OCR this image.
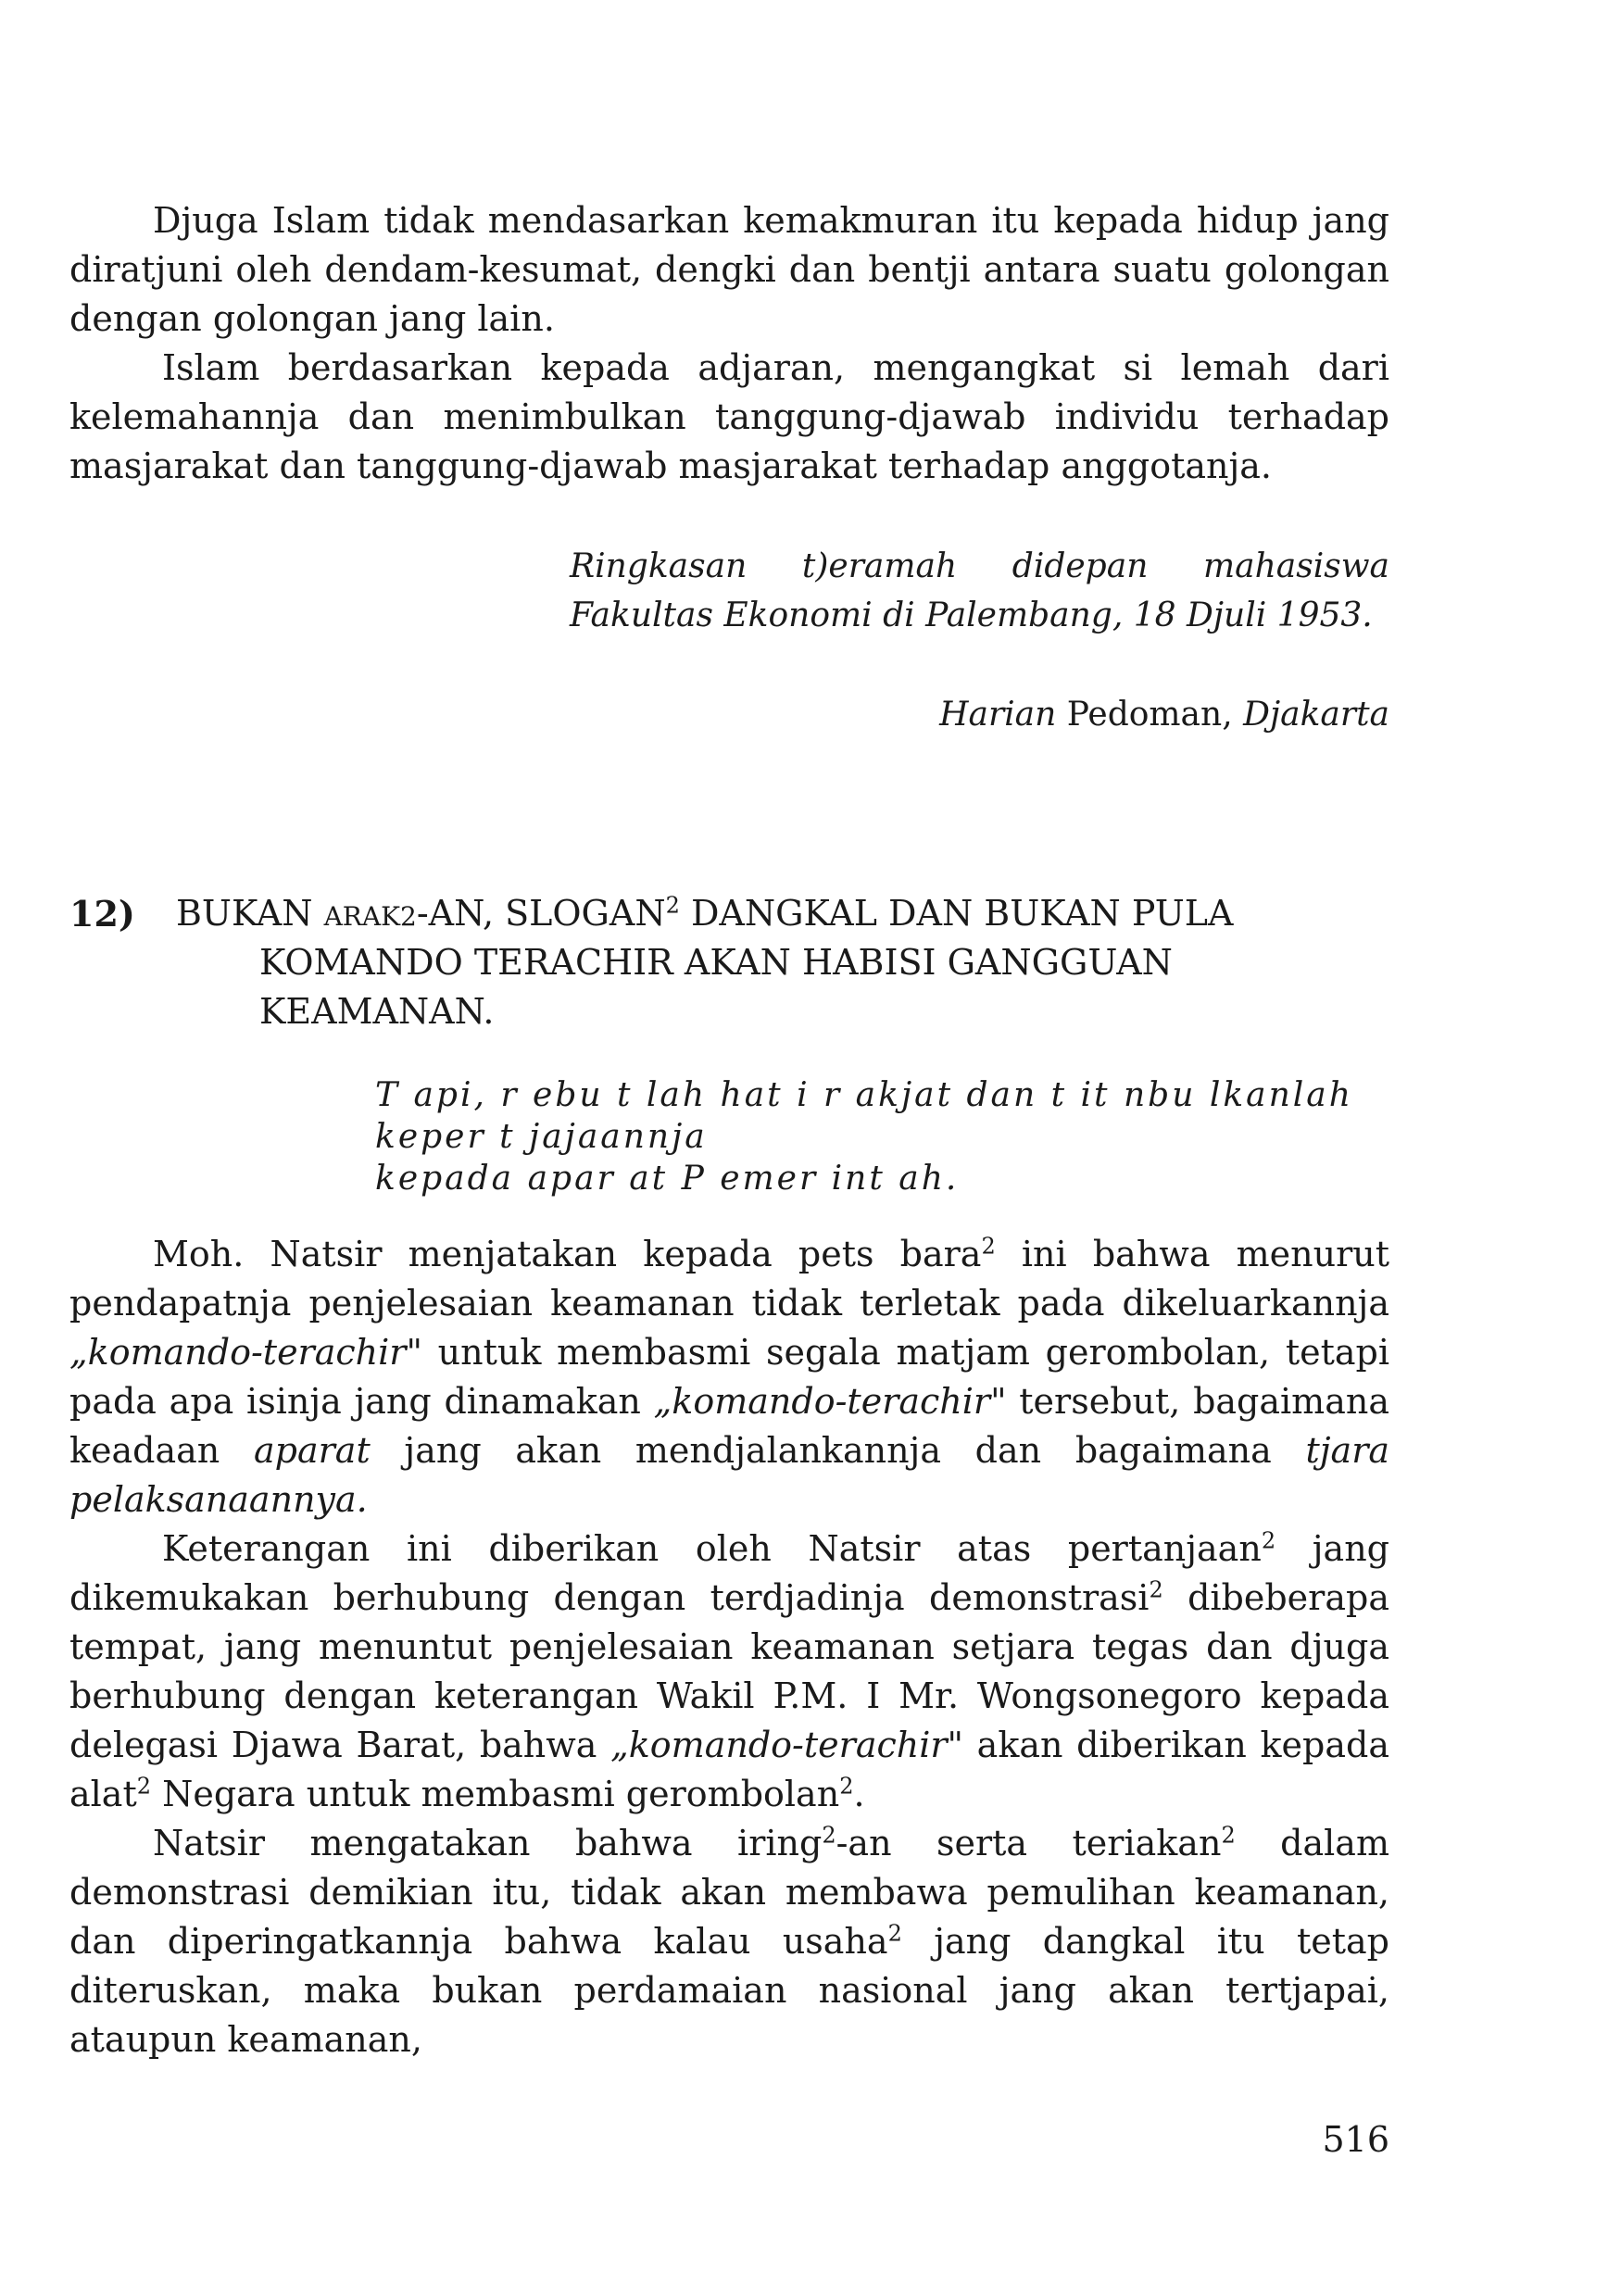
Djuga Islam tidak mendasarkan kemakmuran itu kepada hidup jang diratjuni oleh dendam-kesumat, dengki dan bentji antara suatu golongan dengan golongan jang lain.

Islam berdasarkan kepada adjaran, mengangkat si lemah dari kelemahannja dan menimbulkan tanggung-djawab individu terhadap masjarakat dan tanggung-djawab masjarakat terhadap anggotanja.

Ringkasan t)eramah didepan mahasiswa Fakultas Ekonomi di Palembang, 18 Djuli 1953.
Harian Pedoman, Djakarta
12) BUKAN ARAK2-AN, SLOGAN$^2$ DANGKAL DAN BUKAN PULA
KOMANDO TERACHIR AKAN HABISI GANGGUAN
KEAMANAN.
T api, r ebu t lah hat i r akjat dan t it nbu lkanlah
keper t jajaannja
kepada apar at P emer int ah.

Moh. Natsir menjatakan kepada pets bara$^2$ ini bahwa menurut pendapatnja penjelesaian keamanan tidak terletak pada dikeluarkannja „komando-terachir" untuk membasmi segala matjam gerombolan, tetapi pada apa isinja jang dinamakan „komando-terachir" tersebut, bagaimana keadaan aparat jang akan mendjalankannja dan bagaimana tjara pelaksanaannya.

Keterangan ini diberikan oleh Natsir atas pertanjaan$^2$ jang dikemukakan berhubung dengan terdjadinja demonstrasi$^2$ dibeberapa tempat, jang menuntut penjelesaian keamanan setjara tegas dan djuga berhubung dengan keterangan Wakil P.M. I Mr. Wongsonegoro kepada delegasi Djawa Barat, bahwa „komando-terachir" akan diberikan kepada alat$^2$ Negara untuk membasmi gerombolan$^2$.

Natsir mengatakan bahwa iring$^2$-an serta teriakan$^2$ dalam demonstrasi demikian itu, tidak akan membawa pemulihan keamanan, dan diperingatkannja bahwa kalau usaha$^2$ jang dangkal itu tetap diteruskan, maka bukan perdamaian nasional jang akan tertjapai, ataupun keamanan,

516
